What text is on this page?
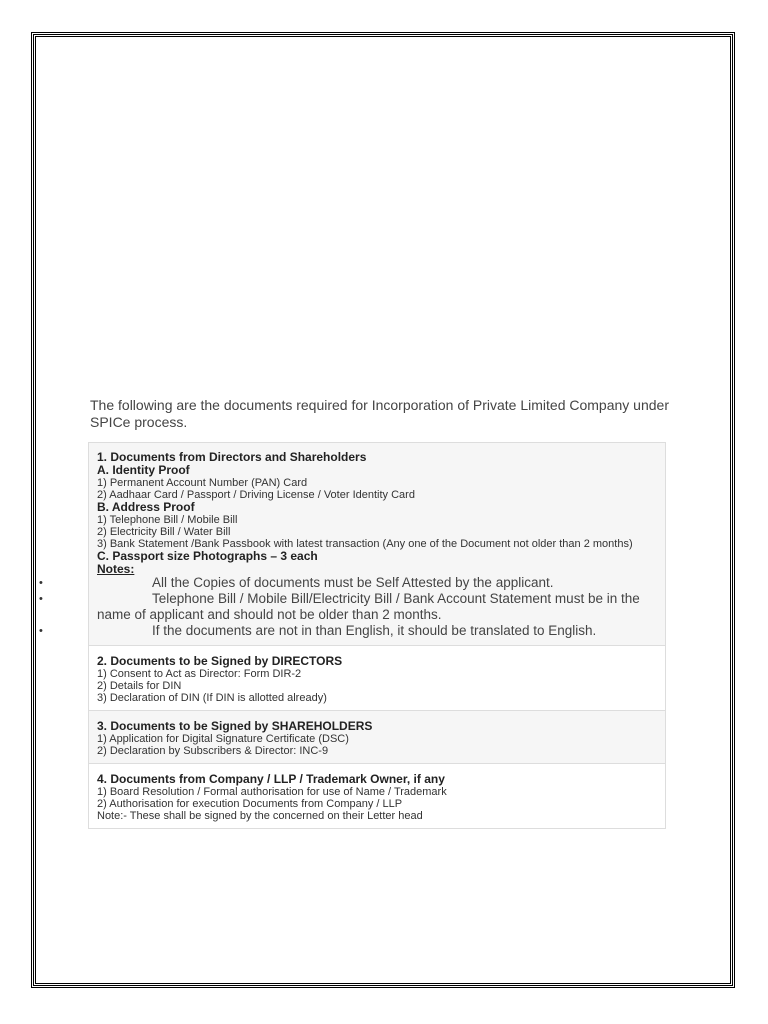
The following are the documents required for Incorporation of Private Limited Company under SPICe process.

1. Documents from Directors and Shareholders
A. Identity Proof
1) Permanent Account Number (PAN) Card
2) Aadhaar Card / Passport / Driving License / Voter Identity Card
B. Address Proof
1) Telephone Bill / Mobile Bill
2) Electricity Bill / Water Bill
3) Bank Statement /Bank Passbook with latest transaction (Any one of the Document not older than 2 months)
C. Passport size Photographs – 3 each
Notes:
•	All the Copies of documents must be Self Attested by the applicant.
•	Telephone Bill / Mobile Bill/Electricity Bill / Bank Account Statement must be in the name of applicant and should not be older than 2 months.
•	If the documents are not in than English, it should be translated to English.

2. Documents to be Signed by DIRECTORS
1) Consent to Act as Director: Form DIR-2
2) Details for DIN
3) Declaration of DIN (If DIN is allotted already)

3. Documents to be Signed by SHAREHOLDERS
1) Application for Digital Signature Certificate (DSC)
2) Declaration by Subscribers & Director: INC-9

4. Documents from Company / LLP / Trademark Owner, if any
1) Board Resolution / Formal authorisation for use of Name / Trademark
2) Authorisation for execution Documents from Company / LLP
Note:- These shall be signed by the concerned on their Letter head
